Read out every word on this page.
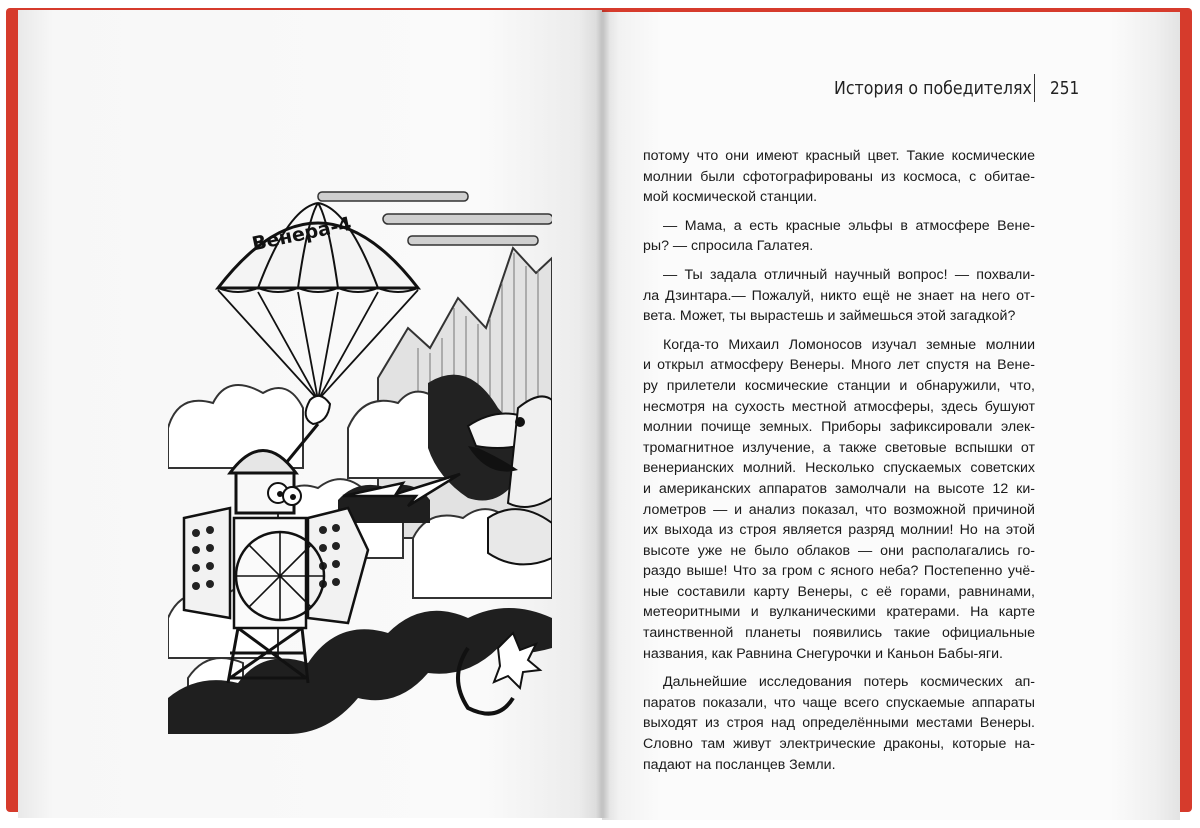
Венера-4
История о победителях 251
потому что они имеют красный цвет. Такие космические
молнии были сфотографированы из космоса, с обитае-
мой космической станции.
— Мама, а есть красные эльфы в атмосфере Вене-
ры? — спросила Галатея.
— Ты задала отличный научный вопрос! — похвали-
ла Дзинтара.— Пожалуй, никто ещё не знает на него от-
вета. Может, ты вырастешь и займешься этой загадкой?
Когда-то Михаил Ломоносов изучал земные молнии
и открыл атмосферу Венеры. Много лет спустя на Вене-
ру прилетели космические станции и обнаружили, что,
несмотря на сухость местной атмосферы, здесь бушуют
молнии почище земных. Приборы зафиксировали элек-
тромагнитное излучение, а также световые вспышки от
венерианских молний. Несколько спускаемых советских
и американских аппаратов замолчали на высоте 12 ки-
лометров — и анализ показал, что возможной причиной
их выхода из строя является разряд молнии! Но на этой
высоте уже не было облаков — они располагались го-
раздо выше! Что за гром с ясного неба? Постепенно учё-
ные составили карту Венеры, с её горами, равнинами,
метеоритными и вулканическими кратерами. На карте
таинственной планеты появились такие официальные
названия, как Равнина Снегурочки и Каньон Бабы-яги.
Дальнейшие исследования потерь космических ап-
паратов показали, что чаще всего спускаемые аппараты
выходят из строя над определёнными местами Венеры.
Словно там живут электрические драконы, которые на-
падают на посланцев Земли.
